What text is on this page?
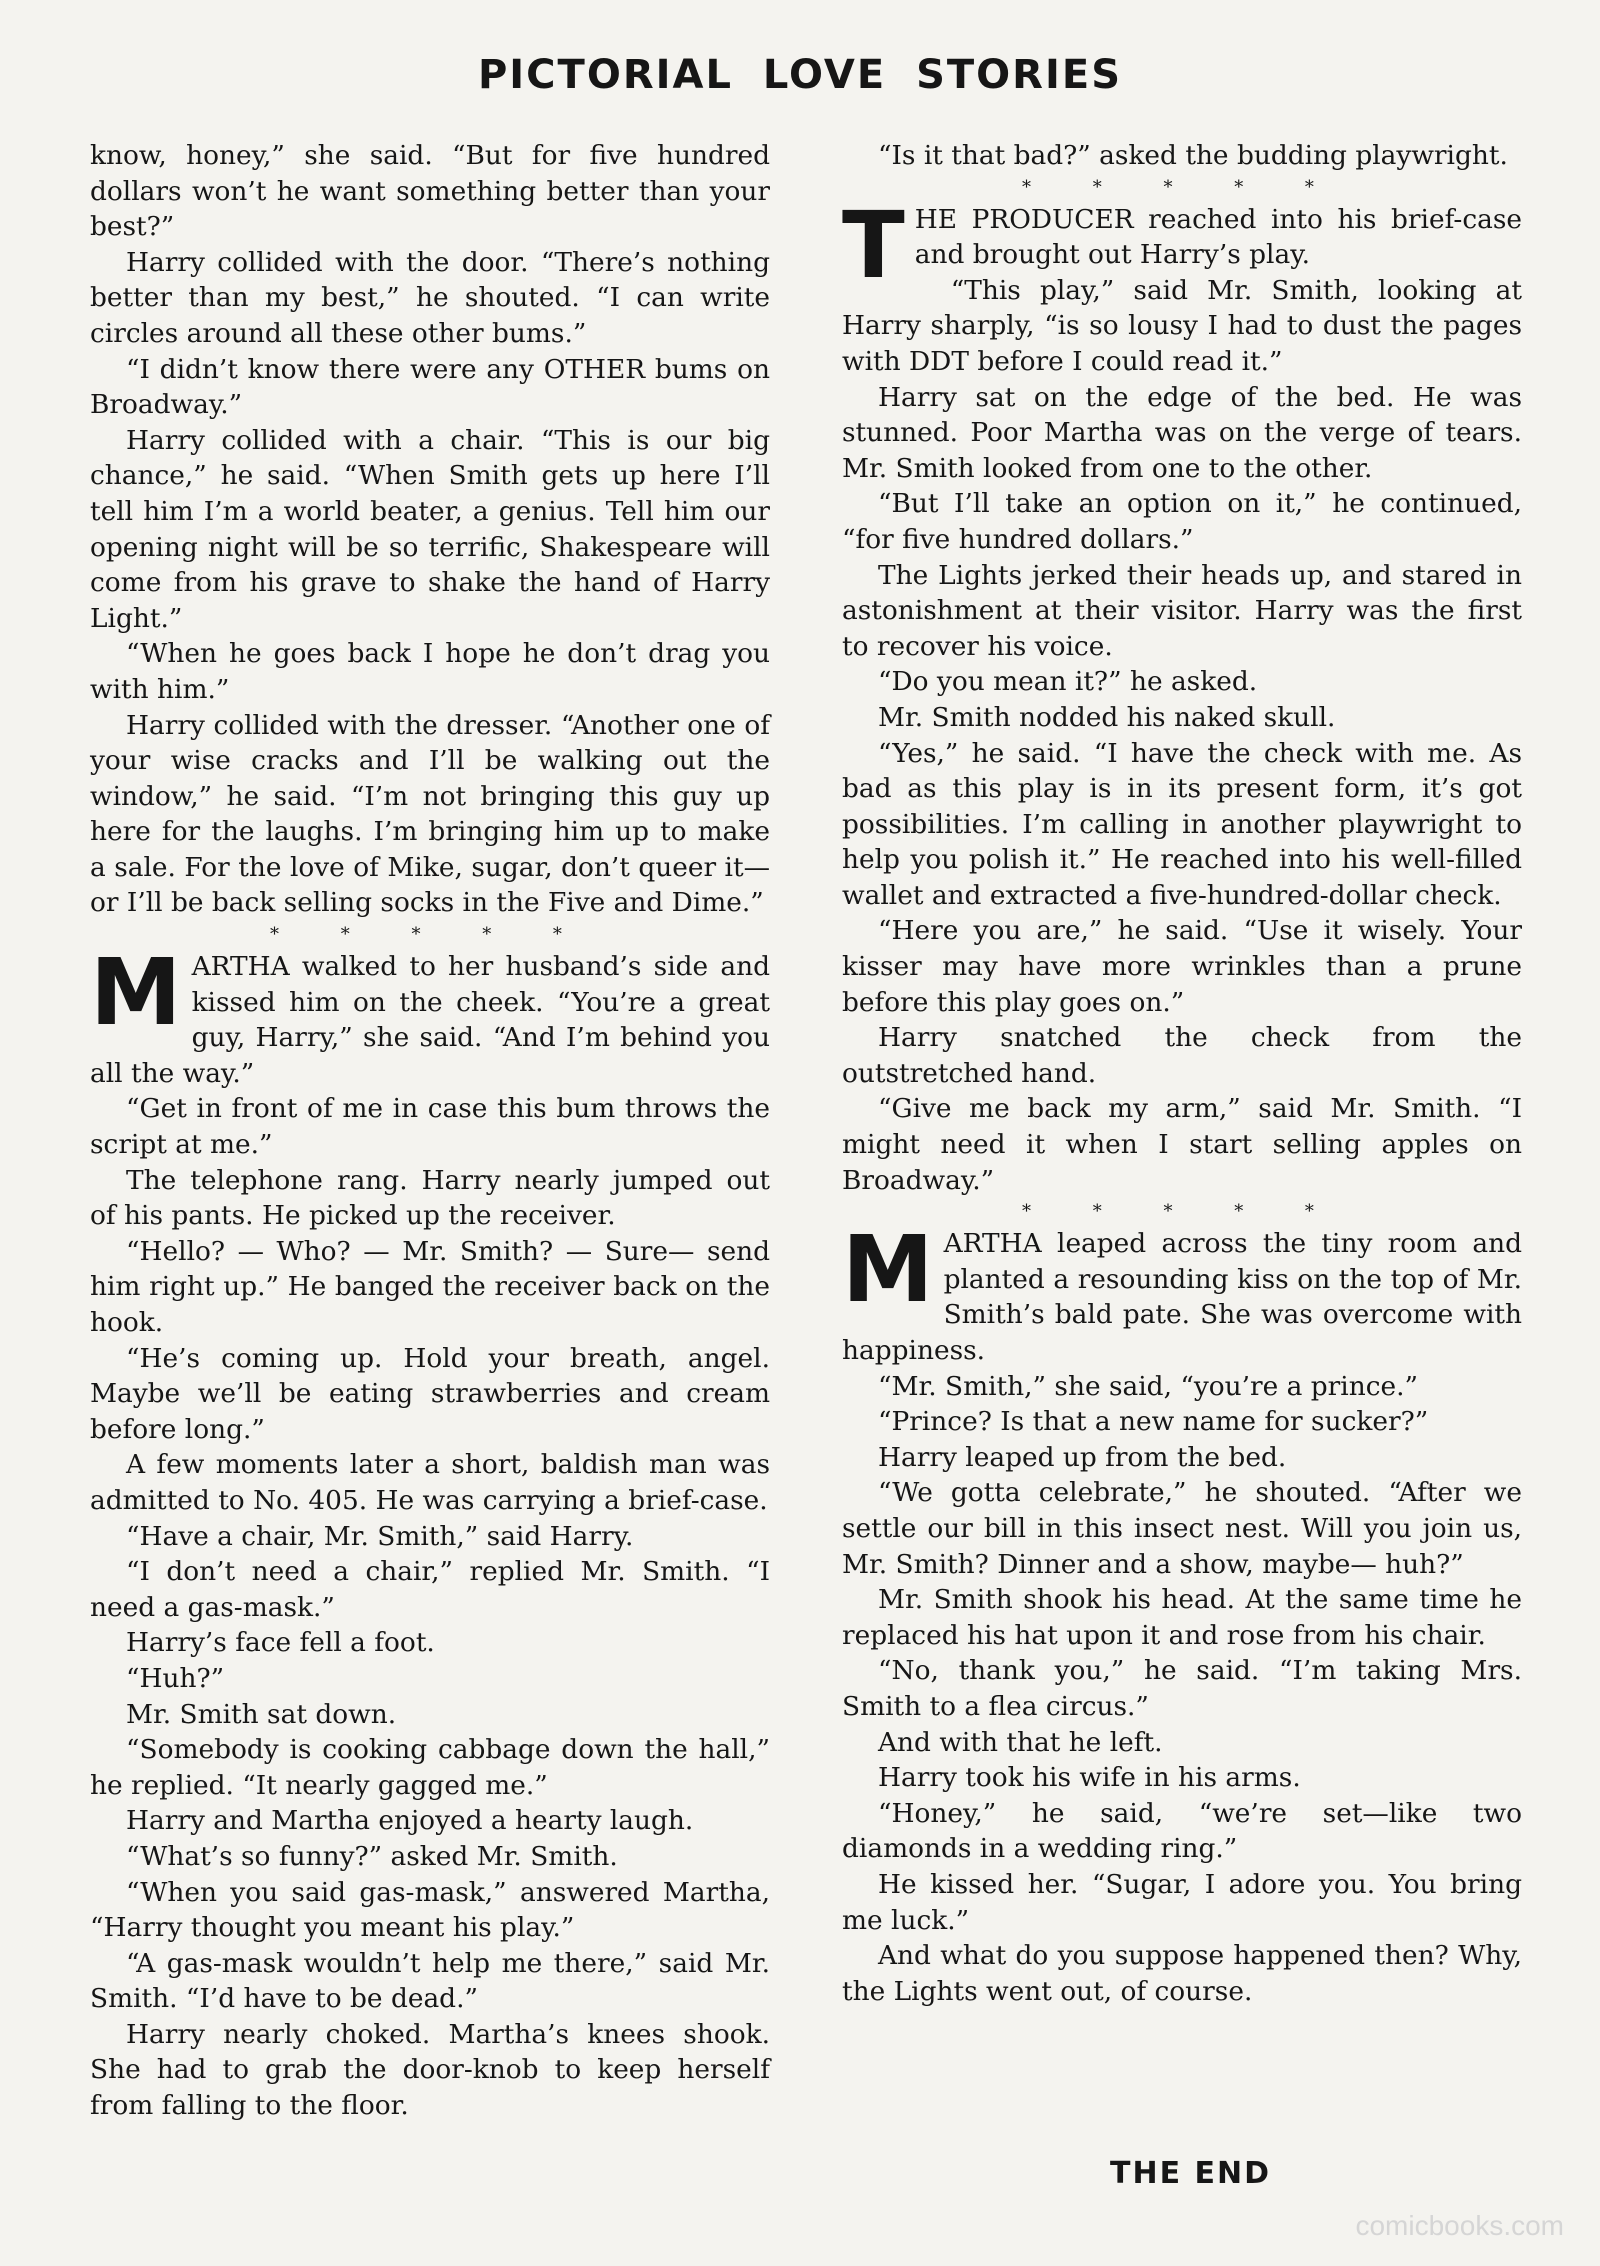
PICTORIAL LOVE STORIES

know, honey,” she said. “But for five hundred dollars won’t he want something better than your best?”

Harry collided with the door. “There’s nothing better than my best,” he shouted. “I can write circles around all these other bums.”

“I didn’t know there were any OTHER bums on Broadway.”

Harry collided with a chair. “This is our big chance,” he said. “When Smith gets up here I’ll tell him I’m a world beater, a genius. Tell him our opening night will be so terrific, Shakespeare will come from his grave to shake the hand of Harry Light.”

“When he goes back I hope he don’t drag you with him.”

Harry collided with the dresser. “Another one of your wise cracks and I’ll be walking out the window,” he said. “I’m not bringing this guy up here for the laughs. I’m bringing him up to make a sale. For the love of Mike, sugar, don’t queer it—or I’ll be back selling socks in the Five and Dime.”

* * * * *
M ARTHA walked to her husband’s side and kissed him on the cheek. “You’re a great guy, Harry,” she said. “And I’m behind you all the way.”

“Get in front of me in case this bum throws the script at me.”

The telephone rang. Harry nearly jumped out of his pants. He picked up the receiver.

“Hello? — Who? — Mr. Smith? — Sure— send him right up.” He banged the receiver back on the hook.

“He’s coming up. Hold your breath, angel. Maybe we’ll be eating strawberries and cream before long.”

A few moments later a short, baldish man was admitted to No. 405. He was carrying a brief-case.

“Have a chair, Mr. Smith,” said Harry.

“I don’t need a chair,” replied Mr. Smith. “I need a gas-mask.”

Harry’s face fell a foot.

“Huh?”

Mr. Smith sat down.

“Somebody is cooking cabbage down the hall,” he replied. “It nearly gagged me.”

Harry and Martha enjoyed a hearty laugh.

“What’s so funny?” asked Mr. Smith.

“When you said gas-mask,” answered Martha, “Harry thought you meant his play.”

“A gas-mask wouldn’t help me there,” said Mr. Smith. “I’d have to be dead.”

Harry nearly choked. Martha’s knees shook. She had to grab the door-knob to keep herself from falling to the floor.

“Is it that bad?” asked the budding playwright.

* * * * *
T HE PRODUCER reached into his brief-case and brought out Harry’s play.

“This play,” said Mr. Smith, looking at Harry sharply, “is so lousy I had to dust the pages with DDT before I could read it.”

Harry sat on the edge of the bed. He was stunned. Poor Martha was on the verge of tears. Mr. Smith looked from one to the other.

“But I’ll take an option on it,” he continued, “for five hundred dollars.”

The Lights jerked their heads up, and stared in astonishment at their visitor. Harry was the first to recover his voice.

“Do you mean it?” he asked.

Mr. Smith nodded his naked skull.

“Yes,” he said. “I have the check with me. As bad as this play is in its present form, it’s got possibilities. I’m calling in another playwright to help you polish it.” He reached into his well-filled wallet and extracted a five-hundred-dollar check.

“Here you are,” he said. “Use it wisely. Your kisser may have more wrinkles than a prune before this play goes on.”

Harry snatched the check from the outstretched hand.

“Give me back my arm,” said Mr. Smith. “I might need it when I start selling apples on Broadway.”

* * * * *
M ARTHA leaped across the tiny room and planted a resounding kiss on the top of Mr. Smith’s bald pate. She was overcome with happiness.

“Mr. Smith,” she said, “you’re a prince.”

“Prince? Is that a new name for sucker?”

Harry leaped up from the bed.

“We gotta celebrate,” he shouted. “After we settle our bill in this insect nest. Will you join us, Mr. Smith? Dinner and a show, maybe— huh?”

Mr. Smith shook his head. At the same time he replaced his hat upon it and rose from his chair.

“No, thank you,” he said. “I’m taking Mrs. Smith to a flea circus.”

And with that he left.

Harry took his wife in his arms.

“Honey,” he said, “we’re set—like two diamonds in a wedding ring.”

He kissed her. “Sugar, I adore you. You bring me luck.”

And what do you suppose happened then? Why, the Lights went out, of course.

THE END
comicbooks.com
